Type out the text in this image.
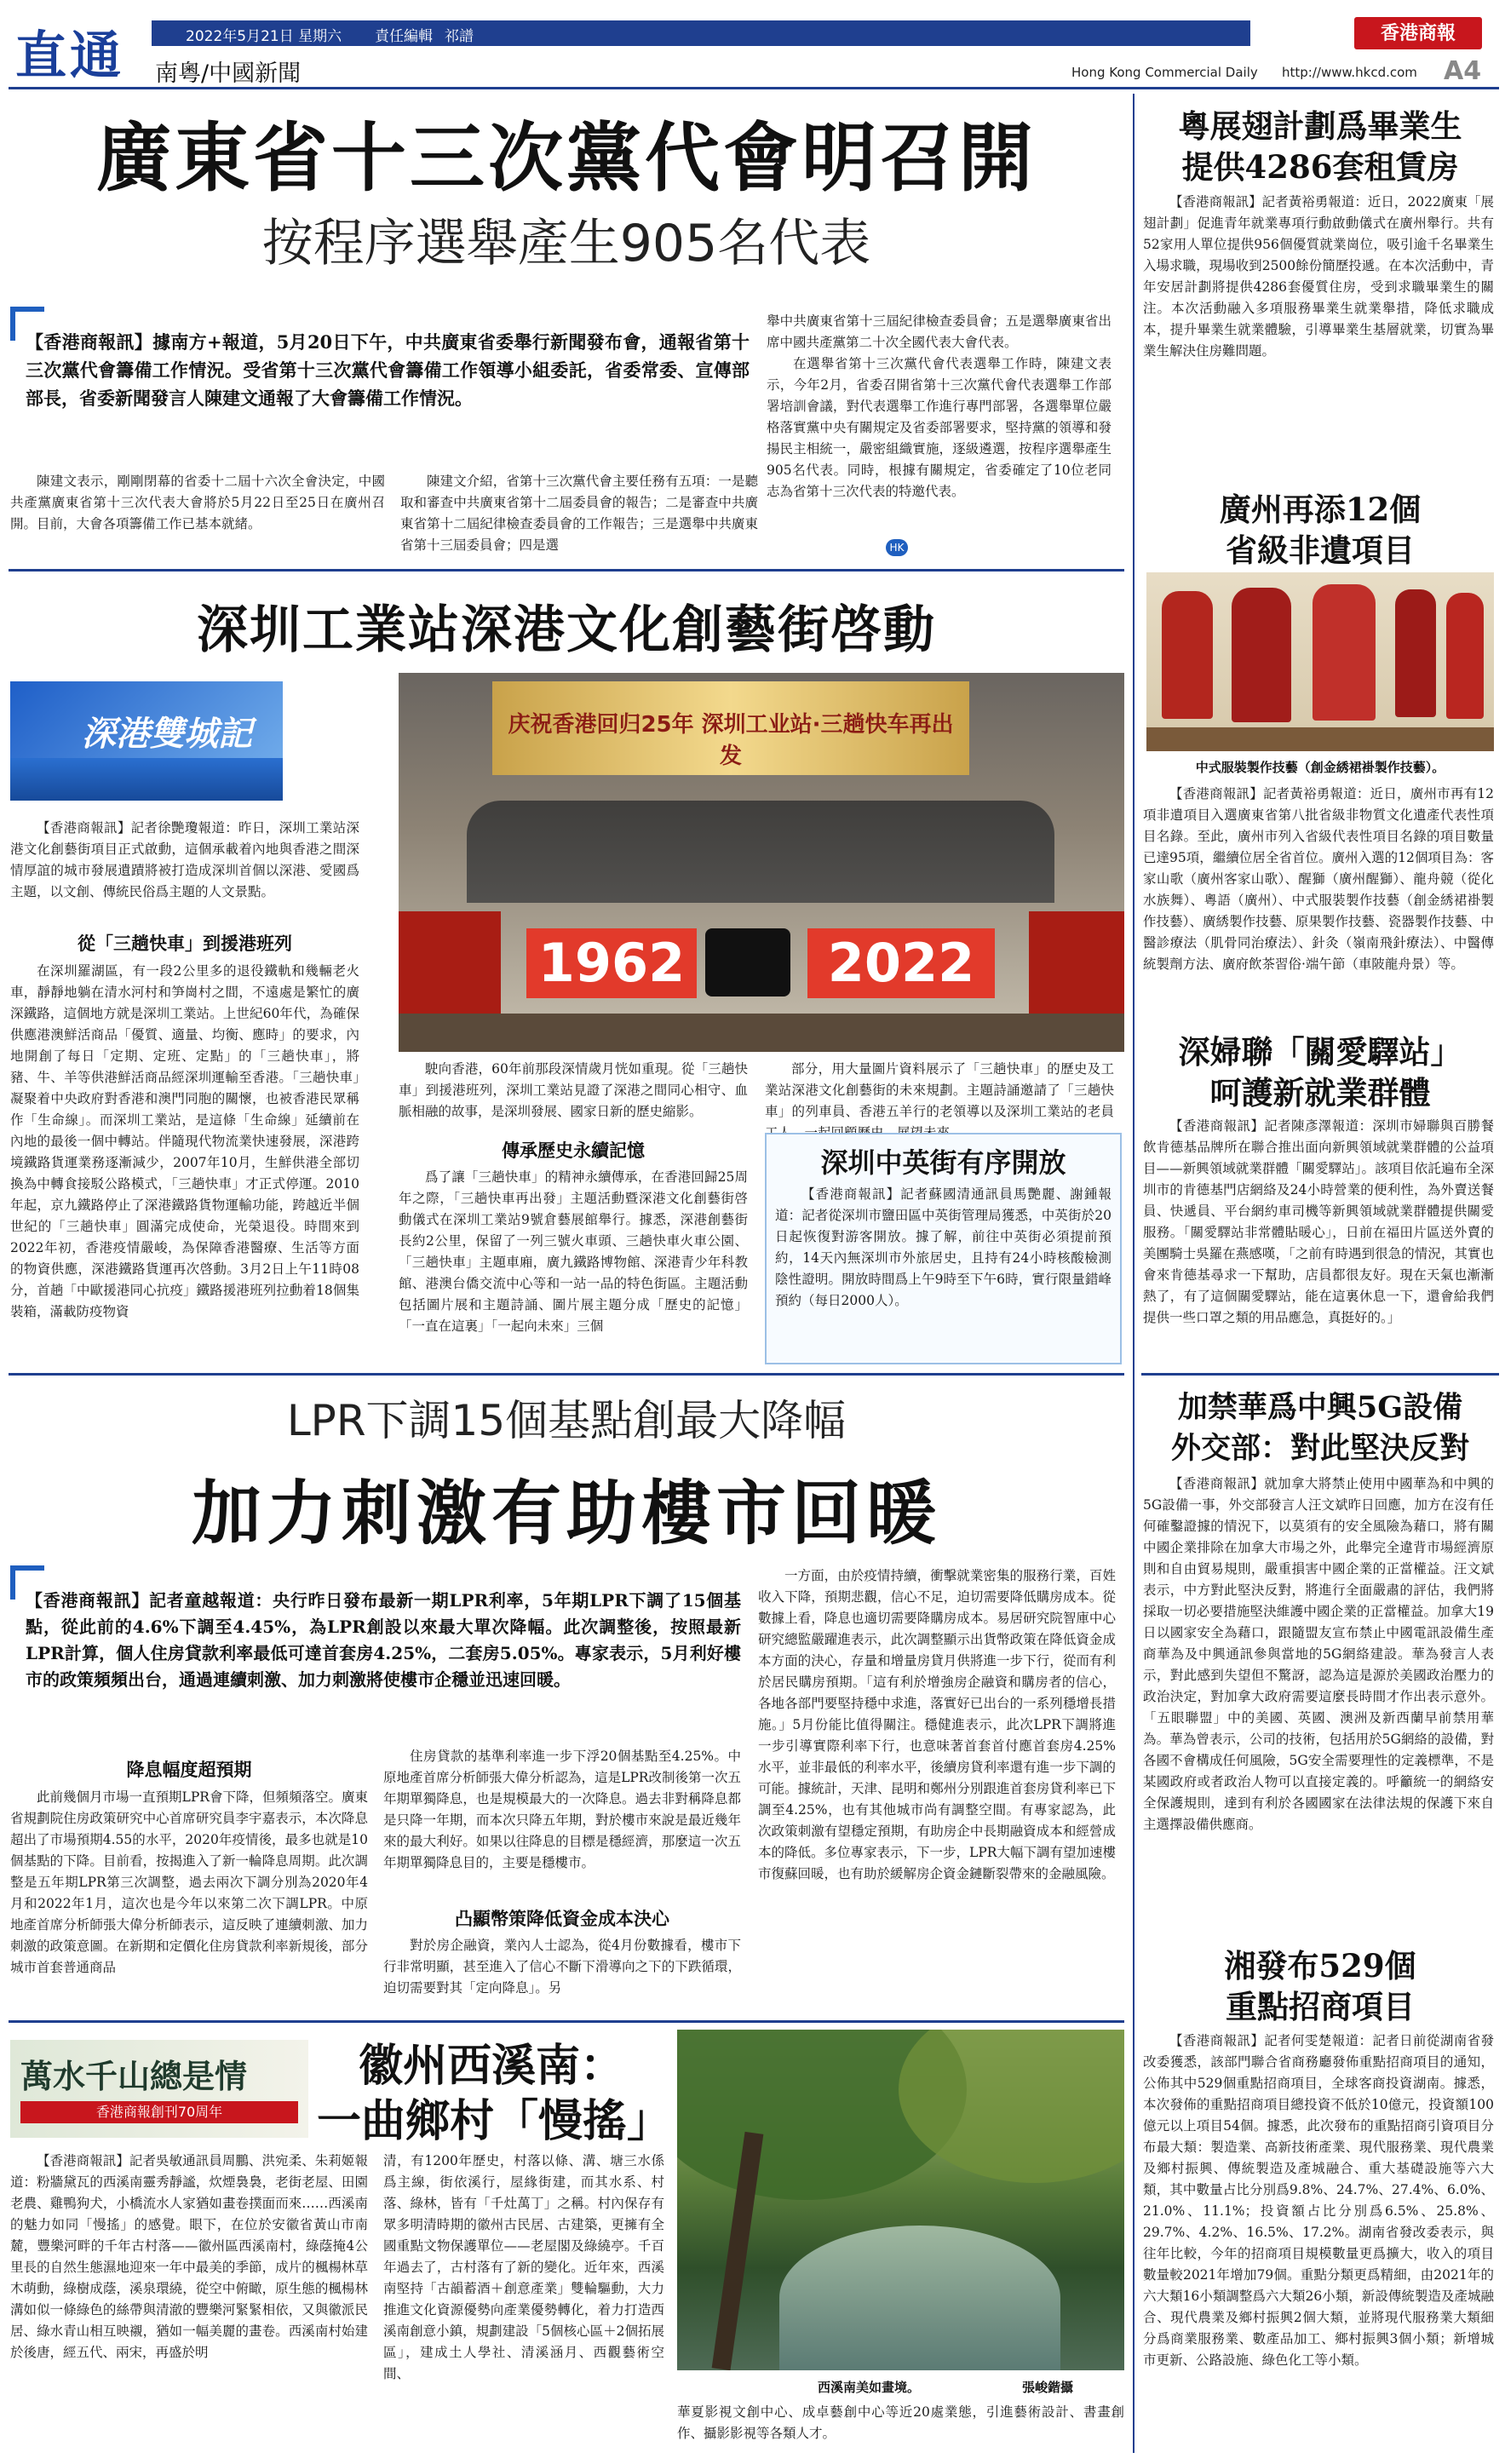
直通	2022年5月21日 星期六 責任編輯 祁譜
南粵/中國新聞
香港商報
Hong Kong Commercial Daily http://www.hkcd.com A4
廣東省十三次黨代會明召開
按程序選舉產生905名代表
【香港商報訊】據南方+報道，5月20日下午，中共廣東省委舉行新聞發布會，通報省第十三次黨代會籌備工作情況。受省第十三次黨代會籌備工作領導小組委託，省委常委、宣傳部部長，省委新聞發言人陳建文通報了大會籌備工作情況。

陳建文表示，剛剛閉幕的省委十二屆十六次全會決定，中國共產黨廣東省第十三次代表大會將於5月22日至25日在廣州召開。目前，大會各項籌備工作已基本就緒。

陳建文介紹，省第十三次黨代會主要任務有五項：一是聽取和審查中共廣東省第十二屆委員會的報告；二是審查中共廣東省第十二屆紀律檢查委員會的工作報告；三是選舉中共廣東省第十三屆委員會；四是選

舉中共廣東省第十三屆紀律檢查委員會；五是選舉廣東省出席中國共產黨第二十次全國代表大會代表。

在選舉省第十三次黨代會代表選舉工作時，陳建文表示，今年2月，省委召開省第十三次黨代會代表選舉工作部署培訓會議，對代表選舉工作進行專門部署，各選舉單位嚴格落實黨中央有關規定及省委部署要求，堅持黨的領導和發揚民主相統一，嚴密組織實施，逐級遴選，按程序選舉產生905名代表。同時，根據有關規定，省委確定了10位老同志為省第十三次代表的特邀代表。

HK
粵展翅計劃爲畢業生
提供4286套租賃房

【香港商報訊】記者黃裕勇報道：近日，2022廣東「展翅計劃」促進青年就業專項行動啟動儀式在廣州舉行。共有52家用人單位提供956個優質就業崗位，吸引逾千名畢業生入場求職，現場收到2500餘份簡歷投遞。在本次活動中，青年安居計劃將提供4286套優質住房，受到求職畢業生的關注。本次活動融入多項服務畢業生就業舉措，降低求職成本，提升畢業生就業體驗，引導畢業生基層就業，切實為畢業生解決住房難問題。

廣州再添12個
省級非遺項目
中式服裝製作技藝（創金綉裙褂製作技藝）。

【香港商報訊】記者黃裕勇報道：近日，廣州市再有12項非遺項目入選廣東省第八批省級非物質文化遺產代表性項目名錄。至此，廣州市列入省級代表性項目名錄的項目數量已達95項，繼續位居全省首位。廣州入選的12個項目為：客家山歌（廣州客家山歌）、醒獅（廣州醒獅）、龍舟競（從化水族舞）、粵語（廣州）、中式服裝製作技藝（創金綉裙褂製作技藝）、廣綉製作技藝、原果製作技藝、瓷器製作技藝、中醫診療法（肌骨同治療法）、針灸（嶺南飛針療法）、中醫傳統製劑方法、廣府飲茶習俗·端午節（車陂龍舟景）等。

深婦聯「關愛驛站」
呵護新就業群體

【香港商報訊】記者陳彥澤報道：深圳市婦聯與百勝餐飲肯德基品牌所在聯合推出面向新興領域就業群體的公益項目——新興領域就業群體「關愛驛站」。該項目依託遍布全深圳市的肯德基門店網絡及24小時營業的便利性，為外賣送餐員、快遞員、平台網約車司機等新興領域就業群體提供關愛服務。「關愛驛站非常體貼暖心」，日前在福田片區送外賣的美團騎士吳羅在燕感嘆，「之前有時遇到很急的情況，其實也會來肯德基尋求一下幫助，店員都很友好。現在天氣也漸漸熱了，有了這個關愛驛站，能在這裏休息一下，還會給我們提供一些口罩之類的用品應急，真挺好的。」

加禁華爲中興5G設備
外交部：對此堅決反對

【香港商報訊】就加拿大將禁止使用中國華為和中興的5G設備一事，外交部發言人汪文斌昨日回應，加方在沒有任何確鑿證據的情況下，以莫須有的安全風險為藉口，將有關中國企業排除在加拿大市場之外，此舉完全違背市場經濟原則和自由貿易規則，嚴重損害中國企業的正當權益。汪文斌表示，中方對此堅決反對，將進行全面嚴肅的評估，我們將採取一切必要措施堅決維護中國企業的正當權益。加拿大19日以國家安全為藉口，跟隨盟友宣布禁止中國電訊設備生產商華為及中興通訊參與當地的5G網絡建設。華為發言人表示，對此感到失望但不驚訝，認為這是源於美國政治壓力的政治決定，對加拿大政府需要這麼長時間才作出表示意外。「五眼聯盟」中的美國、英國、澳洲及新西蘭早前禁用華為。華為曾表示，公司的技術，包括用於5G網絡的設備，對各國不會構成任何風險，5G安全需要理性的定義標準，不是某國政府或者政治人物可以直接定義的。呼籲統一的網絡安全保護規則，達到有利於各國國家在法律法規的保護下來自主選擇設備供應商。

湘發布529個
重點招商項目

【香港商報訊】記者何雯楚報道：記者日前從湖南省發改委獲悉，該部門聯合省商務廳發佈重點招商項目的通知，公佈其中529個重點招商項目，全球客商投資湖南。據悉，本次發佈的重點招商項目總投資不低於10億元，投資額100億元以上項目54個。據悉，此次發布的重點招商引資項目分布最大類：製造業、高新技術產業、現代服務業、現代農業及鄉村振興、傳統製造及產城融合、重大基礎設施等六大類，其中數量占比分別爲9.8%、24.7%、27.4%、6.0%、21.0%、11.1%；投資額占比分別爲6.5%、25.8%、29.7%、4.2%、16.5%、17.2%。湖南省發改委表示，與往年比較，今年的招商項目規模數量更爲擴大，收入的項目數量較2021年增加79個。重點分類更爲精細，由2021年的六大類16小類調整爲六大類26小類，新設傳統製造及產城融合、現代農業及鄉村振興2個大類，並將現代服務業大類細分爲商業服務業、數產品加工、鄉村振興3個小類；新增城市更新、公路設施、綠色化工等小類。

深圳工業站深港文化創藝街啓動
深港雙城記

【香港商報訊】記者徐艷瓊報道：昨日，深圳工業站深港文化創藝街項目正式啟動，這個承載着內地與香港之間深情厚誼的城市發展遺蹟將被打造成深圳首個以深港、愛國爲主題，以文創、傳統民俗爲主題的人文景點。

從「三趟快車」到援港班列

在深圳羅湖區，有一段2公里多的退役鐵軌和幾輛老火車，靜靜地躺在清水河村和笋崗村之間，不遠處是繁忙的廣深鐵路，這個地方就是深圳工業站。上世紀60年代，為確保供應港澳鮮活商品「優質、適量、均衡、應時」的要求，內地開創了每日「定期、定班、定點」的「三趟快車」，將豬、牛、羊等供港鮮活商品經深圳運輸至香港。「三趟快車」凝聚着中央政府對香港和澳門同胞的關懷，也被香港民眾稱作「生命線」。而深圳工業站，是這條「生命線」延續前在內地的最後一個中轉站。伴隨現代物流業快速發展，深港跨境鐵路貨運業務逐漸減少，2007年10月，生鮮供港全部切換為中轉食接駁公路模式，「三趟快車」才正式停運。2010年起，京九鐵路停止了深港鐵路貨物運輸功能，跨越近半個世紀的「三趟快車」圓滿完成使命，光榮退役。時間來到2022年初，香港疫情嚴峻，為保障香港醫療、生活等方面的物資供應，深港鐵路貨運再次啓動。3月2日上午11時08分，首趟「中歐援港同心抗疫」鐵路援港班列拉動着18個集裝箱，滿載防疫物資

庆祝香港回归25年 深圳工业站·三趟快车再出发
1962	2022

駛向香港，60年前那段深情歲月恍如重現。從「三趟快車」到援港班列，深圳工業站見證了深港之間同心相守、血脈相融的故事，是深圳發展、國家日新的歷史縮影。

傳承歷史永續記憶

爲了讓「三趟快車」的精神永續傳承，在香港回歸25周年之際，「三趟快車再出發」主題活動暨深港文化創藝街啓動儀式在深圳工業站9號倉藝展館舉行。據悉，深港創藝街長約2公里，保留了一列三號火車頭、三趟快車火車公園、「三趟快車」主題車廂，廣九鐵路博物館、深港青少年科教館、港澳台僑交流中心等和一站一品的特色街區。主題活動包括圖片展和主題詩誦、圖片展主題分成「歷史的記憶」「一直在這裏」「一起向未來」三個

部分，用大量圖片資料展示了「三趟快車」的歷史及工業站深港文化創藝街的未來規劃。主題詩誦邀請了「三趟快車」的列車員、香港五羊行的老領導以及深圳工業站的老員

深圳中英街有序開放

【香港商報訊】記者蘇國清通訊員馬艷麗、謝鍾報道：記者從深圳市鹽田區中英街管理局獲悉，中英街於20日起恢復對游客開放。據了解，前往中英街必須提前預約，14天內無深圳市外旅居史，且持有24小時核酸檢測陰性證明。開放時間爲上午9時至下午6時，實行限量錯峰預約（每日2000人）。

LPR下調15個基點創最大降幅
加力刺激有助樓市回暖
【香港商報訊】記者童越報道：央行昨日發布最新一期LPR利率，5年期LPR下調了15個基點，從此前的4.6%下調至4.45%，為LPR創設以來最大單次降幅。此次調整後，按照最新LPR計算，個人住房貸款利率最低可達首套房4.25%，二套房5.05%。專家表示，5月利好樓市的政策頻頻出台，通過連續刺激、加力刺激將使樓市企穩並迅速回暖。
降息幅度超預期

此前幾個月市場一直預期LPR會下降，但頻頻落空。廣東省規劃院住房政策研究中心首席研究員李宇嘉表示，本次降息超出了市場預期4.55的水平，2020年疫情後，最多也就是10個基點的下降。目前看，按揭進入了新一輪降息周期。此次調整是五年期LPR第三次調整，過去兩次下調分別為2020年4月和2022年1月，這次也是今年以來第二次下調LPR。中原地產首席分析師張大偉分析師表示，這反映了連續刺激、加力刺激的政策意圖。在新期和定價化住房貸款利率新規後，部分城市首套普通商品

住房貸款的基準利率進一步下浮20個基點至4.25%。中原地產首席分析師張大偉分析認為，這是LPR改制後第一次五年期單獨降息，也是規模最大的一次降息。過去非對稱降息都是只降一年期，而本次只降五年期，對於樓市來說是最近幾年來的最大利好。如果以往降息的目標是穩經濟，那麼這一次五年期單獨降息目的，主要是穩樓市。

凸顯幣策降低資金成本決心

對於房企融資，業內人士認為，從4月份數據看，樓市下行非常明顯，甚至進入了信心不斷下滑導向之下的下跌循環，迫切需要對其「定向降息」。另

一方面，由於疫情持續，衝擊就業密集的服務行業，百姓收入下降，預期悲觀，信心不足，迫切需要降低購房成本。從數據上看，降息也適切需要降購房成本。易居研究院智庫中心研究總監嚴躍進表示，此次調整顯示出貨幣政策在降低資金成本方面的決心，存量和增量房貸月供將進一步下行，從而有利於居民購房預期。「這有利於增強房企融資和購房者的信心，各地各部門要堅持穩中求進，落實好已出台的一系列穩增長措施。」5月份能比值得關注。穩健進表示，此次LPR下調將進一步引導實際利率下行，也意味著首套首付應首套房4.25%水平，並非最低的利率水平，後續房貸利率還有進一步下調的可能。據統計，天津、昆明和鄭州分別跟進首套房貸利率已下調至4.25%，也有其他城市尚有調整空間。有專家認為，此次政策刺激有望穩定預期，有助房企中長期融資成本和經營成本的降低。多位專家表示，下一步，LPR大幅下調有望加速樓市復蘇回暖，也有助於緩解房企資金鏈斷裂帶來的金融風險。

萬水千山總是情
香港商報創刊70周年
徽州西溪南：
一曲鄉村「慢搖」

【香港商報訊】記者吳敏通訊員周鵬、洪宛柔、朱莉姬報道：粉牆黛瓦的西溪南靈秀靜謐，炊煙裊裊，老街老屋、田園老農、雞鴨狗犬，小橋流水人家猶如畫卷撲面而來……西溪南的魅力如同「慢搖」的感覺。眼下，在位於安徽省黃山市南麓，豐樂河畔的千年古村落——徽州區西溪南村，綠蔭掩4公里長的自然生態濕地迎來一年中最美的季節，成片的楓楊林草木萌動，綠樹成蔭，溪泉環繞，從空中俯瞰，原生態的楓楊林溝如似一條綠色的絲帶與清澈的豐樂河緊緊相依，又與徽派民居、綠水青山相互映襯，猶如一幅美麗的畫卷。西溪南村始建於後唐，經五代、兩宋，再盛於明

清，有1200年歷史，村落以條、溝、塘三水係爲主線，街依溪行，屋緣街建，而其水系、村落、綠林，皆有「千灶萬丁」之稱。村內保存有眾多明清時期的徽州古民居、古建築，更擁有全國重點文物保護單位——老屋閣及綠繞亭。千百年過去了，古村落有了新的變化。近年來，西溪南堅持「古韻蓄酒＋創意產業」雙輪驅動，大力推進文化資源優勢向產業優勢轉化，着力打造西溪南創意小鎮，規劃建設「5個核心區＋2個拓展區」，建成土人學社、清溪涵月、西觀藝術空間、

西溪南美如畫境。	張峻鍇攝

華夏影視文創中心、成卓藝創中心等近20處業態，引進藝術設計、書畫創作、攝影影視等各類人才。
